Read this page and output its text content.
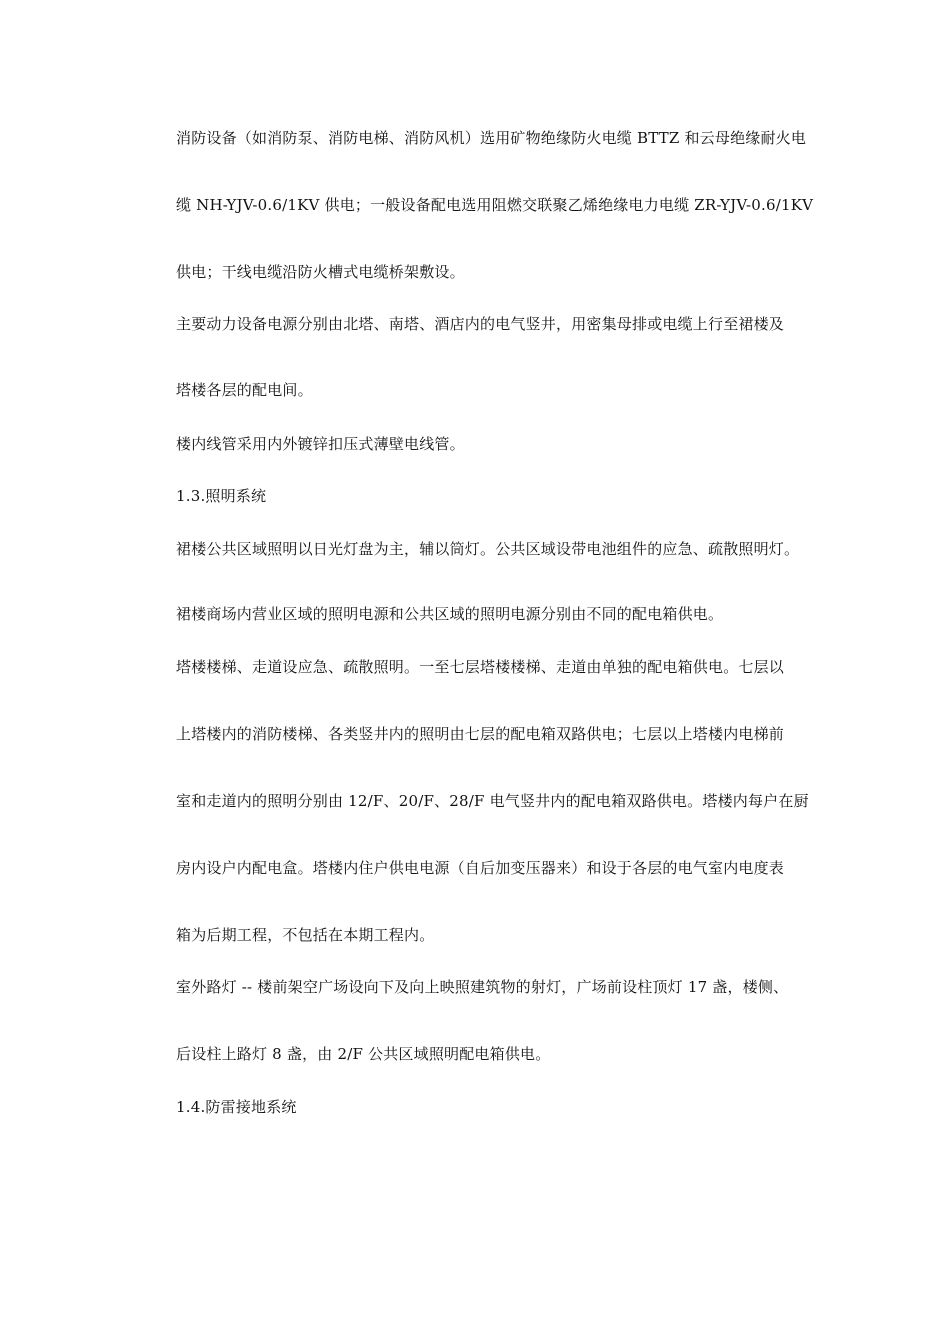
消防设备（如消防泵、消防电梯、消防风机）选用矿物绝缘防火电缆 BTTZ 和云母绝缘耐火电
缆 NH-YJV-0.6/1KV 供电；一般设备配电选用阻燃交联聚乙烯绝缘电力电缆 ZR-YJV-0.6/1KV
供电；干线电缆沿防火槽式电缆桥架敷设。
主要动力设备电源分别由北塔、南塔、酒店内的电气竖井，用密集母排或电缆上行至裙楼及
塔楼各层的配电间。
楼内线管采用内外镀锌扣压式薄壁电线管。
1.3.照明系统
裙楼公共区域照明以日光灯盘为主，辅以筒灯。公共区域设带电池组件的应急、疏散照明灯。
裙楼商场内营业区域的照明电源和公共区域的照明电源分别由不同的配电箱供电。
塔楼楼梯、走道设应急、疏散照明。一至七层塔楼楼梯、走道由单独的配电箱供电。七层以
上塔楼内的消防楼梯、各类竖井内的照明由七层的配电箱双路供电；七层以上塔楼内电梯前
室和走道内的照明分别由 12/F、20/F、28/F 电气竖井内的配电箱双路供电。塔楼内每户在厨
房内设户内配电盒。塔楼内住户供电电源（自后加变压器来）和设于各层的电气室内电度表
箱为后期工程，不包括在本期工程内。
室外路灯 -- 楼前架空广场设向下及向上映照建筑物的射灯，广场前设柱顶灯 17 盏，楼侧、
后设柱上路灯 8 盏，由 2/F 公共区域照明配电箱供电。
1.4.防雷接地系统
